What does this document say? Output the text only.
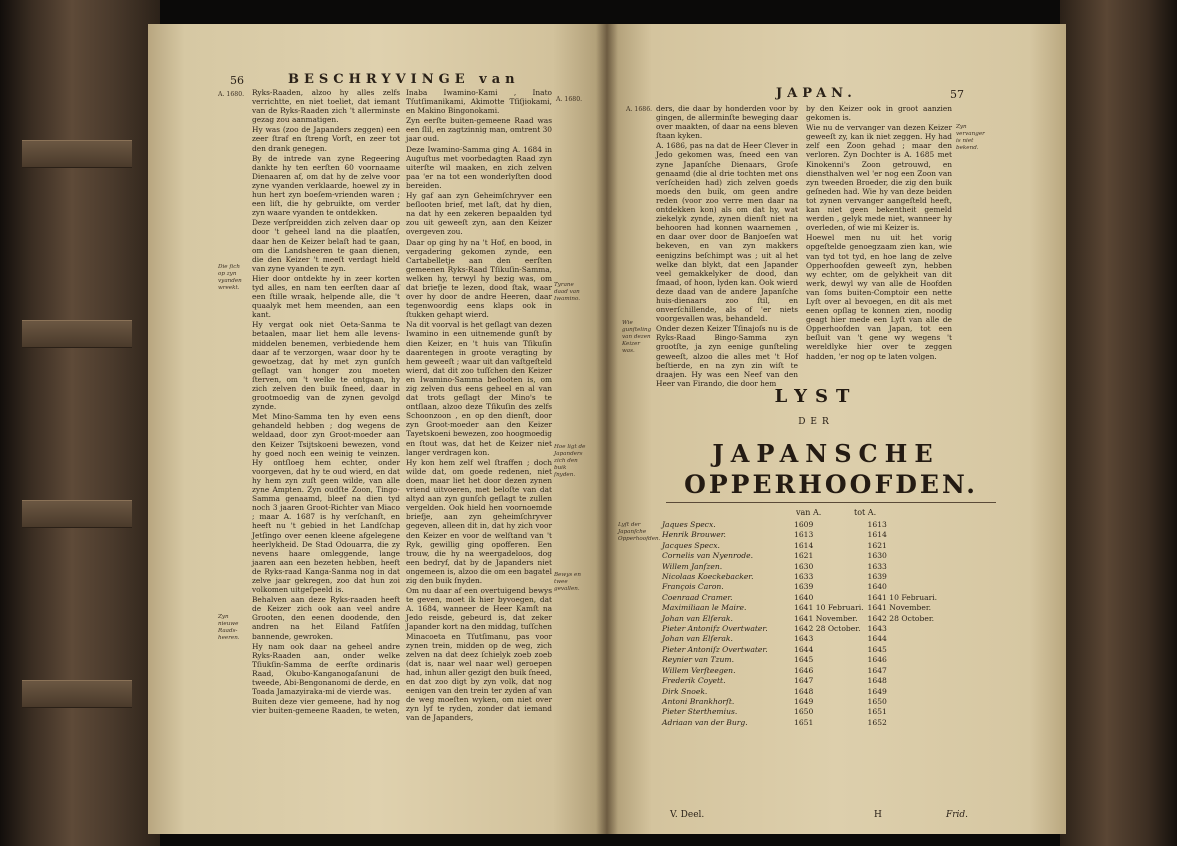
56	BESCHRYVINGE van
A. 1680.
A. 1680.
Die ſich op zyn vyanden wreekt.
Zyn nieuwe Raads-heeren.
Tyrane daad van Iwamino.
Hoe ligt de Japanders zich den buik ſnyden.
Bewys en twee gevallen.

Ryks-Raaden, alzoo hy alles zelfs verrichtte, en niet toeliet, dat iemant van de Ryks-Raaden zich 't allerminste gezag zou aanmatigen.

Hy was (zoo de Japanders zeggen) een zeer ſtraf en ſtreng Vorſt, en zeer tot den drank genegen.

By de intrede van zyne Regeering dankte hy ten eerſten 60 voornaame Dienaaren af, om dat hy de zelve voor zyne vyanden verklaarde, hoewel zy in hun hert zyn boeſem-vrienden waren ; een liſt, die hy gebruikte, om verder zyn waare vyanden te ontdekken.

Deze verſpreidden zich zelven daar op door 't geheel land na die plaatſen, daar hen de Keizer belaſt had te gaan, om die Landsheeren te gaan dienen, die den Keizer 't meeſt verdagt hield van zyne vyanden te zyn.

Hier door ontdekte hy in zeer korten tyd alles, en nam ten eerſten daar aſ een ſtille wraak, helpende alle, die 't quaalyk met hem meenden, aan een kant.

Hy vergat ook niet Oeta-Sanma te betaalen, maar liet hem alle levens-middelen benemen, verbiedende hem daar af te verzorgen, waar door hy te gewoetzag, dat hy met zyn gunſch geſlagt van honger zou moeten ſterven, om 't welke te ontgaan, hy zich zelven den buik ſneed, daar in grootmoedig van de zynen gevolgd zynde.

Met Mino-Samma ten hy even eens gehandeld hebben ; dog wegens de weldaad, door zyn Groot-moeder aan den Keizer Tsijtskoeni bewezen, vond hy goed noch een weinig te veinzen. Hy ontſloeg hem echter, onder voorgeven, dat hy te oud wierd, en dat hy hem zyn zuſt geen wilde, van alle zyne Ampten. Zyn oudſte Zoon, Tingo-Samma genaamd, bleef na dien tyd noch 3 jaaren Groot-Richter van Miaco ; maar A. 1687 is hy verſchanſt, en heeft nu 't gebied in het Landſchap Jetſingo over eenen kleene afgelegene heerlykheid. De Stad Odouarra, die zy nevens haare omleggende, lange jaaren aan een bezeten hebben, heeft de Ryks-raad Kanga-Sanma nog in dat zelve jaar gekregen, zoo dat hun zoi volkomen uitgeſpeeld is.

Behalven aan deze Ryks-raaden heeft de Keizer zich ook aan veel andre Grooten, den eenen doodende, den andren na het Eiland Fatſiſen bannende, gewroken.

Hy nam ook daar na geheel andre Ryks-Raaden aan, onder welke Tſiukſin-Samma de eerſte ordinaris Raad, Okubo-Kanganogaſanuni de tweede, Abi-Bengonanomi de derde, en Toada Jamazyiraka-mi de vierde was.

Buiten deze vier gemeene, had hy nog vier buiten-gemeene Raaden, te weten,

Inaba Iwamino-Kami , Inato Tſutſimanikami, Akimotte Tſiſjiokami, en Makino Bingonokami.

Zyn eerſte buiten-gemeene Raad was een ſlil, en zagtzinnig man, omtrent 30 jaar oud.

Deze Iwamino-Samma ging A. 1684 in Auguſtus met voorbedagten Raad zyn uiterſte wil maaken, en zich zelven paa 'er na tot een wonderlyſten dood bereiden.

Hy gaf aan zyn Geheimſchryver een beſlooten brief, met laſt, dat hy dien, na dat hy een zekeren bepaalden tyd zou uit geweeſt zyn, aan den Keizer overgeven zou.

Daar op ging hy na 't Hof, en bood, in vergadering gekomen zynde, een Cartabelletje aan den eerſten gemeenen Ryks-Raad Tſikuſin-Samma, welken hy, terwyl hy bezig was, om dat briefje te lezen, dood ſtak, waar over hy door de andre Heeren, daar tegenwoordig eens klaps ook in ſtukken gehapt wierd.

Na dit voorval is het geſlagt van dezen Iwamino in een uitnemende gunſt by dien Keizer, en 't huis van Tſikuſin daarentegen in groote veragting by hem geweeſt ; waar uit dan vaſtgeſteld wierd, dat dit zoo tuſſchen den Keizer en Iwamino-Samma beſlooten is, om zig zelven dus eens geheel en al van dat trots geſlagt der Mino's te ontſlaan, alzoo deze Tſikuſin des zelfs Schoonzoon , en op den dienſt, door zyn Groot-moeder aan den Keizer Tayetskoeni bewezen, zoo hoogmoedig en ſtout was, dat het de Keizer niet langer verdragen kon.

Hy kon hem zelf wel ſtraffen ; doch wilde dat, om goede redenen, niet doen, maar liet het door dezen zynen vriend uitvoeren, met beloſte van dat altyd aan zyn gunſch geſlagt te zullen vergelden. Ook hield hen voornoemde briefje, aan zyn geheimſchryver gegeven, alleen dit in, dat hy zich voor den Keizer en voor de welſtand van 't Ryk, gewillig ging opofferen. Een trouw, die hy na weergadeloos, dog een bedryf, dat by de Japanders niet ongemeen is, alzoo die om een bagatel zig den buik ſnyden.

Om nu daar af een overtuigend bewys te geven, moet ik hier byvoegen, dat A. 1684, wanneer de Heer Kamſt na Jedo reisde, gebeurd is, dat zeker Japander kort na den middag, tuſſchen Minacoeta en Tſutſimanu, pas voor zynen trein, midden op de weg, zich zelven na dat deez ſchielyk zoeb zoeb (dat is, naar wel naar wel) geroepen had, inhun aller gezigt den buik ſneed, en dat zoo digt by zyn volk, dat nog eenigen van den trein ter zyden af van de weg moeſten wyken, om niet over zyn lyf te ryden, zonder dat iemand van de Japanders,

JAPAN.	57
A. 1686.
Wie gunſteling van dezen Keizer was.
Zyn vervanger is niet bekend.

ders, die daar by honderden voor by gingen, de allerminſte beweging daar over maakten, of daar na eens bleven ſtaan kyken.

A. 1686, pas na dat de Heer Clever in Jedo gekomen was, ſneed een van zyne Japanſche Dienaars, Groſe genaamd (die al drie tochten met ons verſcheiden had) zich zelven goeds moeds den buik, om geen andre reden (voor zoo verre men daar na ontdekken kon) als om dat hy, wat ziekelyk zynde, zynen dienſt niet na behooren had konnen waarnemen , en daar over door de Banjoeſen wat bekeven, en van zyn makkers eenigzins beſchimpt was ; uit al het welke dan blykt, dat een Japander veel gemakkelyker de dood, dan ſmaad, of hoon, lyden kan. Ook wierd deze daad van de andere Japanſche huis-dienaars zoo ſtil, en onverſchillende, als of 'er niets voorgevallen was, behandeld.

Onder dezen Keizer Tſinajoſs nu is de Ryks-Raad Bingo-Samma zyn grootſte, ja zyn eenige gunſteling geweeſt, alzoo die alles met 't Hof beſtierde, en na zyn zin wiſt te draajen. Hy was een Neef van den Heer van Firando, die door hem

by den Keizer ook in groot aanzien gekomen is.

Wie nu de vervanger van dezen Keizer geweeſt zy, kan ik niet zeggen. Hy had zelf een Zoon gehad ; maar den verloren. Zyn Dochter is A. 1685 met Kinokenni's Zoon getrouwd, en diensthalven wel 'er nog een Zoon van zyn tweeden Broeder, die zig den buik geſneden had. Wie hy van deze beiden tot zynen vervanger aangeſteld heeft, kan niet geen bekentheit gemeld werden , gelyk mede niet, wanneer hy overleden, of wie mi Keizer is.

Hoewel men nu uit het vorig opgeſtelde genoegzaam zien kan, wie van tyd tot tyd, en hoe lang de zelve Opperhoofden geweeſt zyn, hebben wy echter, om de gelykheit van dit werk, dewyl wy van alle de Hoofden van ſoms buiten-Comptoir een nette Lyſt over al bevoegen, en dit als met eenen opſlag te konnen zien, noodig geagt hier mede een Lyſt van alle de Opperhoofden van Japan, tot een beſluit van 't gene wy wegens 't wereldlyke hier over te zeggen hadden, 'er nog op te laten volgen.

LYST
DER
JAPANSCHE
OPPERHOOFDEN.
van A.	tot A.
Lyſt der Japanſche Opperhoofden.
Jaques Specx.	1609	1613
Henrik Brouwer.	1613	1614
Jacques Specx.	1614	1621
Cornelis van Nyenrode.	1621	1630
Willem Janſzen.	1630	1633
Nicolaas Koeckebacker.	1633	1639
François Caron.	1639	1640
Coenraad Cramer.	1640	1641 10 Februari.
Maximiliaan le Maire.	1641 10 Februari.	1641 November.
Johan van Elſerak.	1641 November.	1642 28 October.
Pieter Antonifz Overtwater.	1642 28 October.	1643
Johan van Elſerak.	1643	1644
Pieter Antoniſz Overtwater.	1644	1645
Reynier van Tzum.	1645	1646
Willem Verſteegen.	1646	1647
Frederik Coyett.	1647	1648
Dirk Snoek.	1648	1649
Antoni Brankhorſt.	1649	1650
Pieter Sterthemius.	1650	1651
Adriaan van der Burg.	1651	1652
V. Deel.	H	Frid.
